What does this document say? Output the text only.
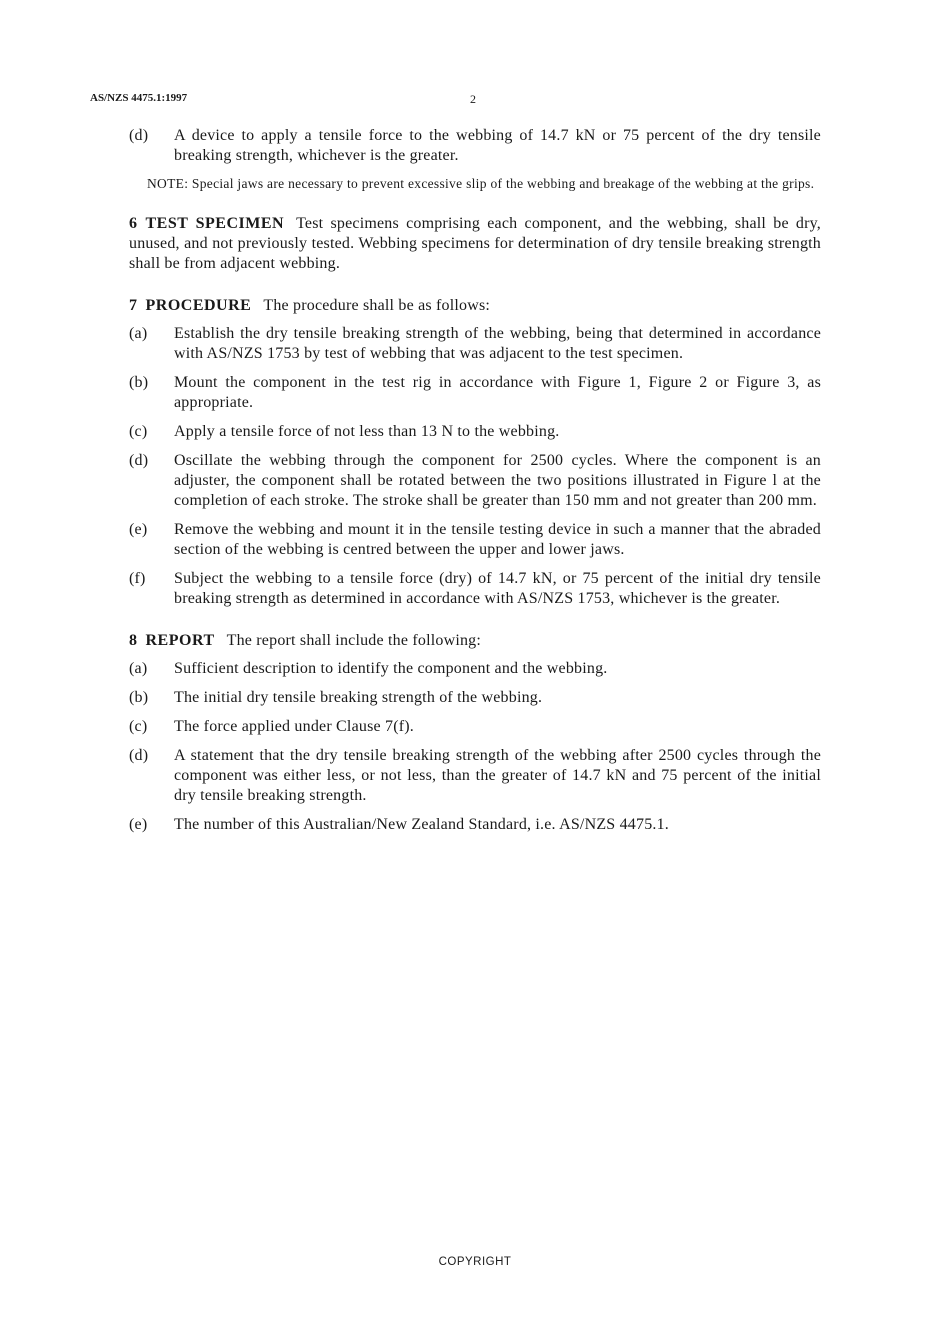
AS/NZS 4475.1:1997	2
(d) A device to apply a tensile force to the webbing of 14.7 kN or 75 percent of the dry tensile breaking strength, whichever is the greater.
NOTE: Special jaws are necessary to prevent excessive slip of the webbing and breakage of the webbing at the grips.
6 TEST SPECIMEN Test specimens comprising each component, and the webbing, shall be dry, unused, and not previously tested. Webbing specimens for determination of dry tensile breaking strength shall be from adjacent webbing.
7 PROCEDURE The procedure shall be as follows:
(a) Establish the dry tensile breaking strength of the webbing, being that determined in accordance with AS/NZS 1753 by test of webbing that was adjacent to the test specimen.
(b) Mount the component in the test rig in accordance with Figure 1, Figure 2 or Figure 3, as appropriate.
(c) Apply a tensile force of not less than 13 N to the webbing.
(d) Oscillate the webbing through the component for 2500 cycles. Where the component is an adjuster, the component shall be rotated between the two positions illustrated in Figure l at the completion of each stroke. The stroke shall be greater than 150 mm and not greater than 200 mm.
(e) Remove the webbing and mount it in the tensile testing device in such a manner that the abraded section of the webbing is centred between the upper and lower jaws.
(f) Subject the webbing to a tensile force (dry) of 14.7 kN, or 75 percent of the initial dry tensile breaking strength as determined in accordance with AS/NZS 1753, whichever is the greater.
8 REPORT The report shall include the following:
(a) Sufficient description to identify the component and the webbing.
(b) The initial dry tensile breaking strength of the webbing.
(c) The force applied under Clause 7(f).
(d) A statement that the dry tensile breaking strength of the webbing after 2500 cycles through the component was either less, or not less, than the greater of 14.7 kN and 75 percent of the initial dry tensile breaking strength.
(e) The number of this Australian/New Zealand Standard, i.e. AS/NZS 4475.1.
COPYRIGHT
